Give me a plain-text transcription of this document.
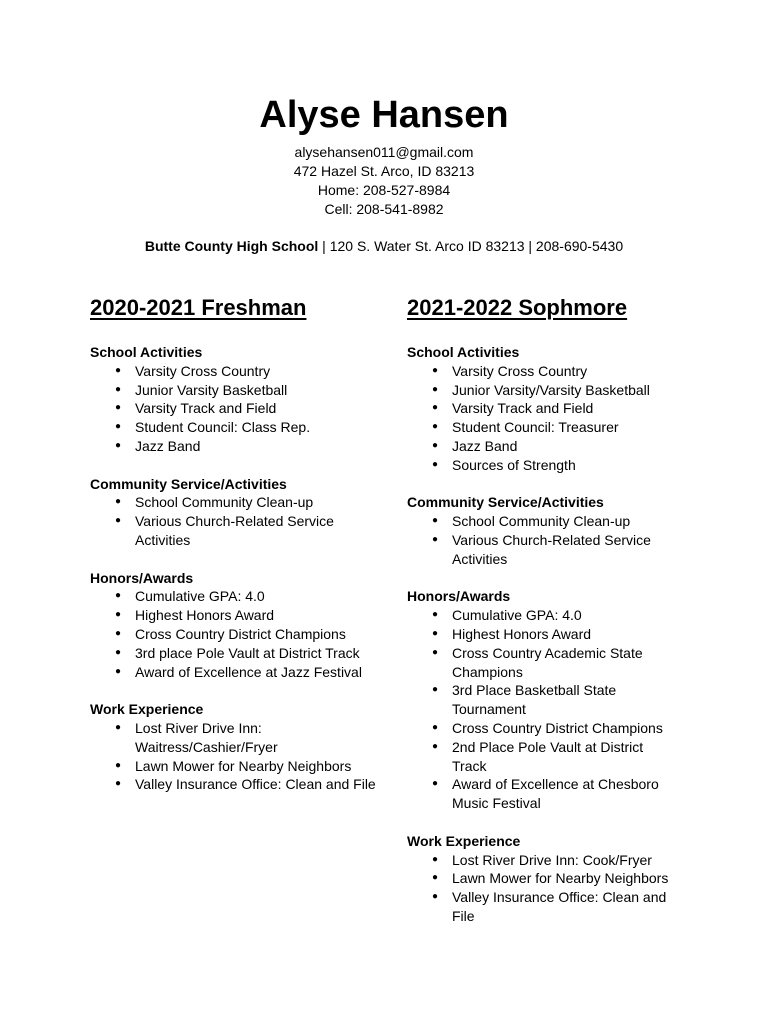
Alyse Hansen
alysehansen011@gmail.com
472 Hazel St. Arco, ID 83213
Home: 208-527-8984
Cell: 208-541-8982
Butte County High School | 120 S. Water St. Arco ID 83213 | 208-690-5430
2020-2021 Freshman
School Activities
● Varsity Cross Country
● Junior Varsity Basketball
● Varsity Track and Field
● Student Council: Class Rep.
● Jazz Band
Community Service/Activities
● School Community Clean-up
● Various Church-Related Service Activities
Honors/Awards
● Cumulative GPA: 4.0
● Highest Honors Award
● Cross Country District Champions
● 3rd place Pole Vault at District Track
● Award of Excellence at Jazz Festival
Work Experience
● Lost River Drive Inn: Waitress/Cashier/Fryer
● Lawn Mower for Nearby Neighbors
● Valley Insurance Office: Clean and File
2021-2022 Sophmore
School Activities
● Varsity Cross Country
● Junior Varsity/Varsity Basketball
● Varsity Track and Field
● Student Council: Treasurer
● Jazz Band
● Sources of Strength
Community Service/Activities
● School Community Clean-up
● Various Church-Related Service Activities
Honors/Awards
● Cumulative GPA: 4.0
● Highest Honors Award
● Cross Country Academic State Champions
● 3rd Place Basketball State Tournament
● Cross Country District Champions
● 2nd Place Pole Vault at District Track
● Award of Excellence at Chesboro Music Festival
Work Experience
● Lost River Drive Inn: Cook/Fryer
● Lawn Mower for Nearby Neighbors
● Valley Insurance Office: Clean and File
